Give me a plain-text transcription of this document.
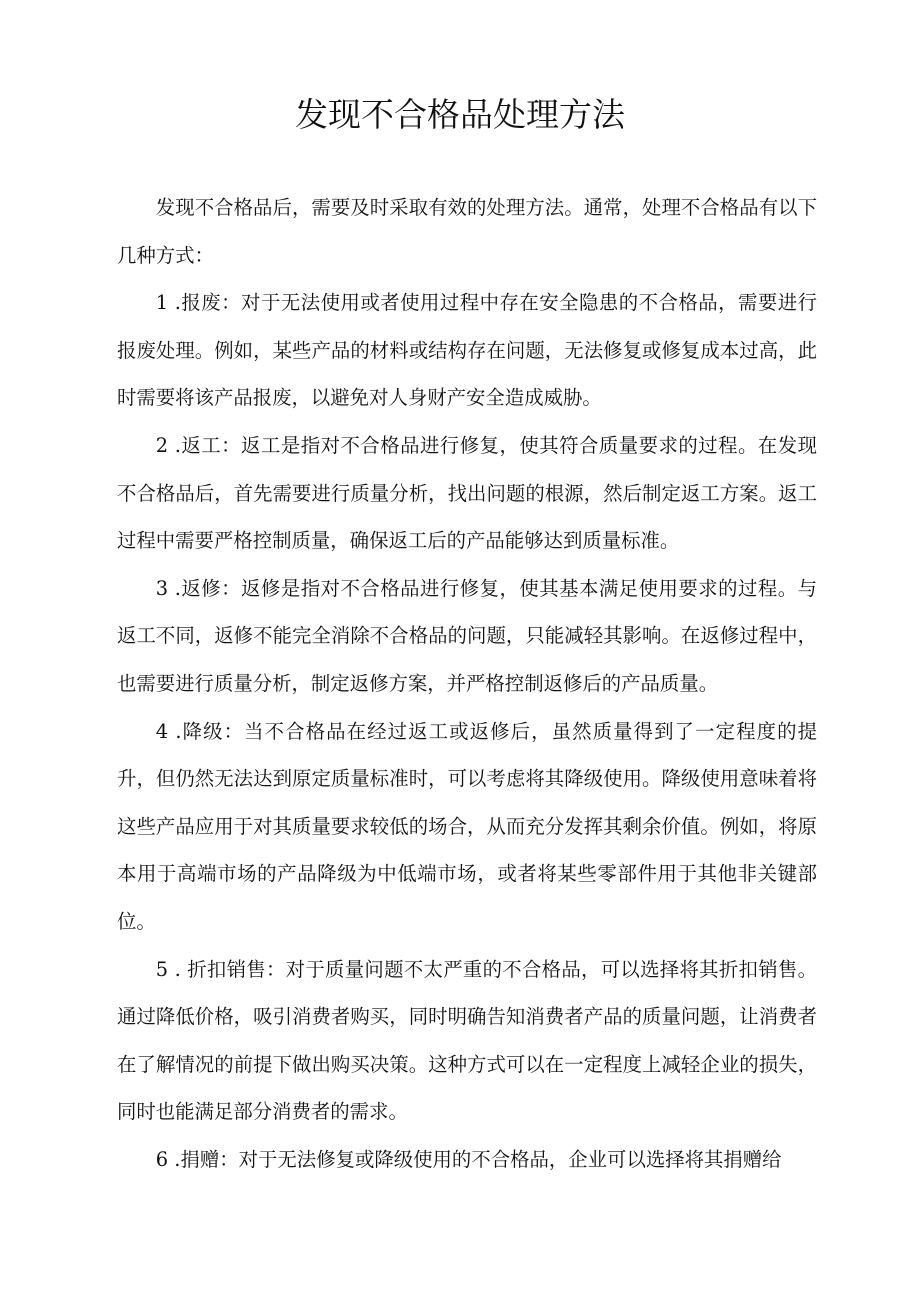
发现不合格品处理方法

发现不合格品后，需要及时采取有效的处理方法。通常，处理不合格品有以下几种方式：

1 .报废：对于无法使用或者使用过程中存在安全隐患的不合格品，需要进行报废处理。例如，某些产品的材料或结构存在问题，无法修复或修复成本过高，此时需要将该产品报废，以避免对人身财产安全造成威胁。

2 .返工：返工是指对不合格品进行修复，使其符合质量要求的过程。在发现不合格品后，首先需要进行质量分析，找出问题的根源，然后制定返工方案。返工过程中需要严格控制质量，确保返工后的产品能够达到质量标准。

3 .返修：返修是指对不合格品进行修复，使其基本满足使用要求的过程。与返工不同，返修不能完全消除不合格品的问题，只能减轻其影响。在返修过程中，也需要进行质量分析，制定返修方案，并严格控制返修后的产品质量。

4 .降级：当不合格品在经过返工或返修后，虽然质量得到了一定程度的提升，但仍然无法达到原定质量标准时，可以考虑将其降级使用。降级使用意味着将这些产品应用于对其质量要求较低的场合，从而充分发挥其剩余价值。例如，将原本用于高端市场的产品降级为中低端市场，或者将某些零部件用于其他非关键部位。

5 . 折扣销售：对于质量问题不太严重的不合格品，可以选择将其折扣销售。通过降低价格，吸引消费者购买，同时明确告知消费者产品的质量问题，让消费者在了解情况的前提下做出购买决策。这种方式可以在一定程度上减轻企业的损失，同时也能满足部分消费者的需求。

6 .捐赠：对于无法修复或降级使用的不合格品，企业可以选择将其捐赠给
